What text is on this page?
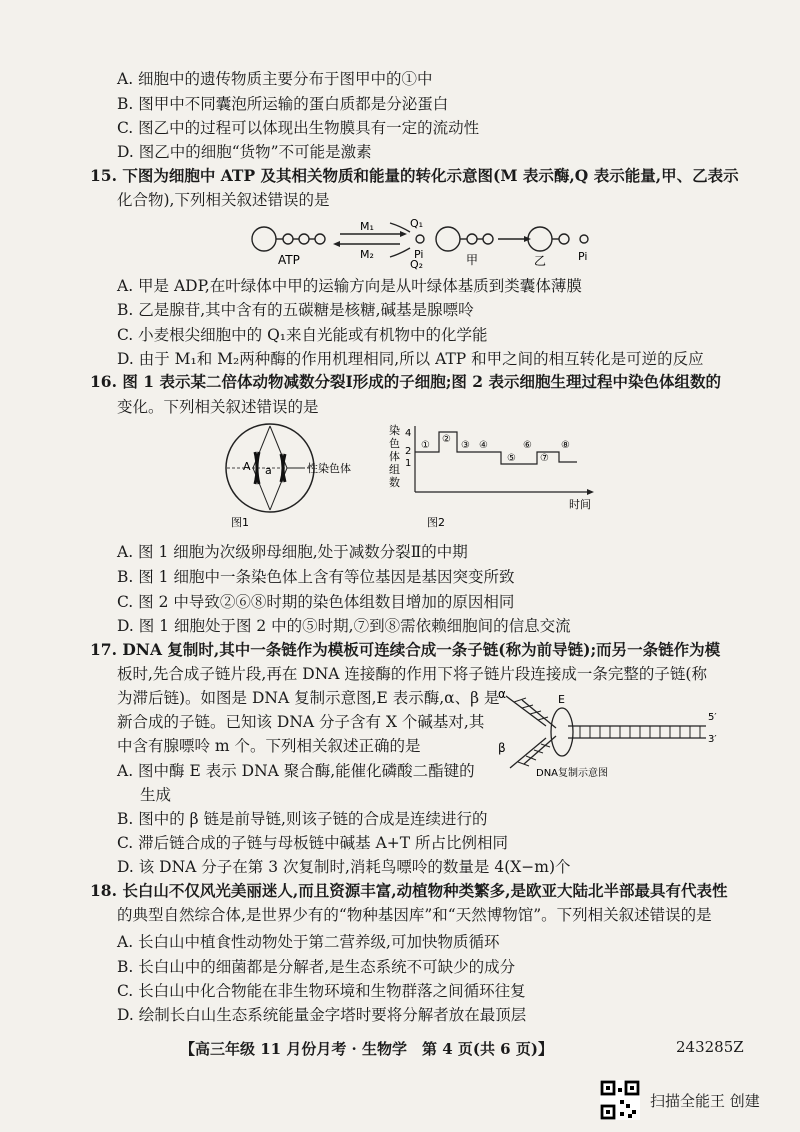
A. 细胞中的遗传物质主要分布于图甲中的①中
B. 图甲中不同囊泡所运输的蛋白质都是分泌蛋白
C. 图乙中的过程可以体现出生物膜具有一定的流动性
D. 图乙中的细胞“货物”不可能是激素
15. 下图为细胞中 ATP 及其相关物质和能量的转化示意图(M 表示酶,Q 表示能量,甲、乙表示
化合物),下列相关叙述错误的是
ATP
M₁
M₂
Q₁
Q₂
Pi	甲	乙	Pi
A. 甲是 ADP,在叶绿体中甲的运输方向是从叶绿体基质到类囊体薄膜
B. 乙是腺苷,其中含有的五碳糖是核糖,碱基是腺嘌呤
C. 小麦根尖细胞中的 Q₁来自光能或有机物中的化学能
D. 由于 M₁和 M₂两种酶的作用机理相同,所以 ATP 和甲之间的相互转化是可逆的反应
16. 图 1 表示某二倍体动物减数分裂Ⅰ形成的子细胞;图 2 表示细胞生理过程中染色体组数的
变化。下列相关叙述错误的是
A a	性染色体
图1
染 色 体 组 数
4
2
1
①
②
③ ④
⑤
⑥
⑦
⑧
时间
图2
A. 图 1 细胞为次级卵母细胞,处于减数分裂Ⅱ的中期
B. 图 1 细胞中一条染色体上含有等位基因是基因突变所致
C. 图 2 中导致②⑥⑧时期的染色体组数目增加的原因相同
D. 图 1 细胞处于图 2 中的⑤时期,⑦到⑧需依赖细胞间的信息交流
17. DNA 复制时,其中一条链作为模板可连续合成一条子链(称为前导链);而另一条链作为模
板时,先合成子链片段,再在 DNA 连接酶的作用下将子链片段连接成一条完整的子链(称
为滞后链)。如图是 DNA 复制示意图,E 表示酶,α、β 是
新合成的子链。已知该 DNA 分子含有 X 个碱基对,其
中含有腺嘌呤 m 个。下列相关叙述正确的是
α
β
E
5′
3′
DNA复制示意图
A. 图中酶 E 表示 DNA 聚合酶,能催化磷酸二酯键的
生成
B. 图中的 β 链是前导链,则该子链的合成是连续进行的
C. 滞后链合成的子链与母板链中碱基 A+T 所占比例相同
D. 该 DNA 分子在第 3 次复制时,消耗鸟嘌呤的数量是 4(X−m)个
18. 长白山不仅风光美丽迷人,而且资源丰富,动植物种类繁多,是欧亚大陆北半部最具有代表性
的典型自然综合体,是世界少有的“物种基因库”和“天然博物馆”。下列相关叙述错误的是
A. 长白山中植食性动物处于第二营养级,可加快物质循环
B. 长白山中的细菌都是分解者,是生态系统不可缺少的成分
C. 长白山中化合物能在非生物环境和生物群落之间循环往复
D. 绘制长白山生态系统能量金字塔时要将分解者放在最顶层
【高三年级 11 月份月考 · 生物学　第 4 页(共 6 页)】	243285Z
扫描全能王 创建
